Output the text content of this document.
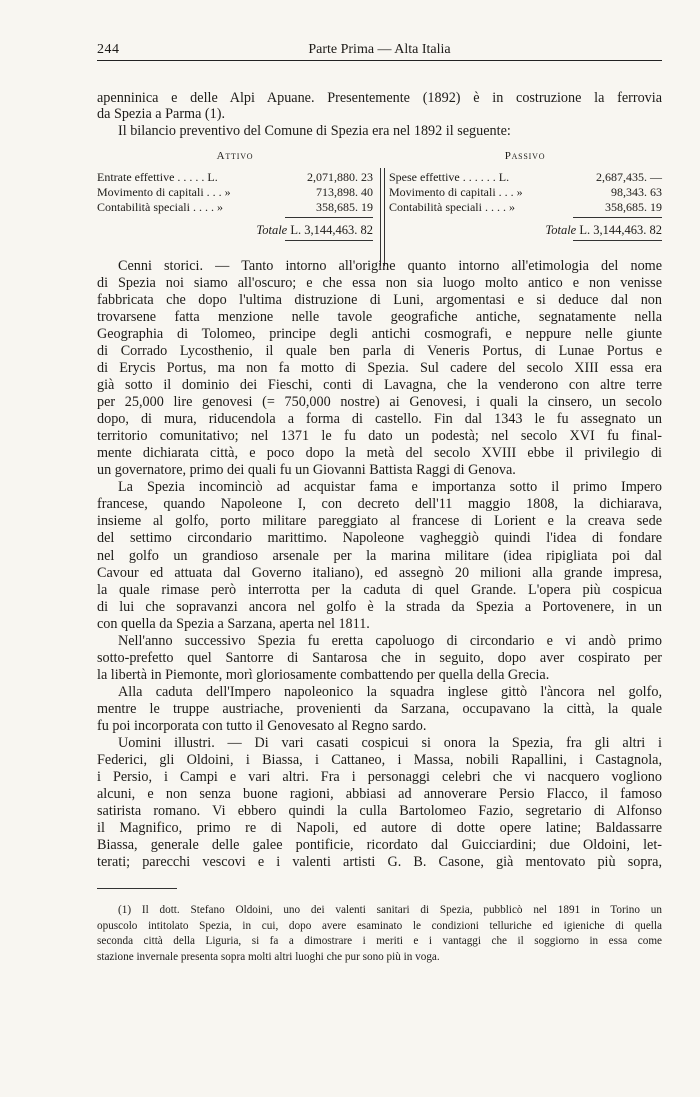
244	Parte Prima — Alta Italia
apenninica e delle Alpi Apuane. Presentemente (1892) è in costruzione la ferrovia
da Spezia a Parma (1).
Il bilancio preventivo del Comune di Spezia era nel 1892 il seguente:
Attivo	Passivo
Entrate effettive . . . . . L.	2,071,880. 23
Movimento di capitali . . . »	713,898. 40
Contabilità speciali . . . . »	358,685. 19
Spese effettive . . . . . . L.	2,687,435. —
Movimento di capitali . . . »	98,343. 63
Contabilità speciali . . . . »	358,685. 19
Totale L. 3,144,463. 82	Totale L. 3,144,463. 82
Cenni storici. — Tanto intorno all'origine quanto intorno all'etimologia del nome
di Spezia noi siamo all'oscuro; e che essa non sia luogo molto antico e non venisse
fabbricata che dopo l'ultima distruzione di Luni, argomentasi e si deduce dal non
trovarsene fatta menzione nelle tavole geografiche antiche, segnatamente nella
Geographia di Tolomeo, principe degli antichi cosmografi, e neppure nelle giunte
di Corrado Lycosthenio, il quale ben parla di Veneris Portus, di Lunae Portus e
di Erycis Portus, ma non fa motto di Spezia. Sul cadere del secolo XIII essa era
già sotto il dominio dei Fieschi, conti di Lavagna, che la venderono con altre terre
per 25,000 lire genovesi (= 750,000 nostre) ai Genovesi, i quali la cinsero, un secolo
dopo, di mura, riducendola a forma di castello. Fin dal 1343 le fu assegnato un
territorio comunitativo; nel 1371 le fu dato un podestà; nel secolo XVI fu final-
mente dichiarata città, e poco dopo la metà del secolo XVIII ebbe il privilegio di
un governatore, primo dei quali fu un Giovanni Battista Raggi di Genova.
La Spezia incominciò ad acquistar fama e importanza sotto il primo Impero
francese, quando Napoleone I, con decreto dell'11 maggio 1808, la dichiarava,
insieme al golfo, porto militare pareggiato al francese di Lorient e la creava sede
del settimo circondario marittimo. Napoleone vagheggiò quindi l'idea di fondare
nel golfo un grandioso arsenale per la marina militare (idea ripigliata poi dal
Cavour ed attuata dal Governo italiano), ed assegnò 20 milioni alla grande impresa,
la quale rimase però interrotta per la caduta di quel Grande. L'opera più cospicua
di lui che sopravanzi ancora nel golfo è la strada da Spezia a Portovenere, in un
con quella da Spezia a Sarzana, aperta nel 1811.
Nell'anno successivo Spezia fu eretta capoluogo di circondario e vi andò primo
sotto-prefetto quel Santorre di Santarosa che in seguito, dopo aver cospirato per
la libertà in Piemonte, morì gloriosamente combattendo per quella della Grecia.
Alla caduta dell'Impero napoleonico la squadra inglese gittò l'àncora nel golfo,
mentre le truppe austriache, provenienti da Sarzana, occupavano la città, la quale
fu poi incorporata con tutto il Genovesato al Regno sardo.
Uomini illustri. — Di vari casati cospicui si onora la Spezia, fra gli altri i
Federici, gli Oldoini, i Biassa, i Cattaneo, i Massa, nobili Rapallini, i Castagnola,
i Persio, i Campi e vari altri. Fra i personaggi celebri che vi nacquero vogliono
alcuni, e non senza buone ragioni, abbiasi ad annoverare Persio Flacco, il famoso
satirista romano. Vi ebbero quindi la culla Bartolomeo Fazio, segretario di Alfonso
il Magnifico, primo re di Napoli, ed autore di dotte opere latine; Baldassarre
Biassa, generale delle galee pontificie, ricordato dal Guicciardini; due Oldoini, let-
terati; parecchi vescovi e i valenti artisti G. B. Casone, già mentovato più sopra,
(1) Il dott. Stefano Oldoini, uno dei valenti sanitari di Spezia, pubblicò nel 1891 in Torino un
opuscolo intitolato Spezia, in cui, dopo avere esaminato le condizioni telluriche ed igieniche di quella
seconda città della Liguria, si fa a dimostrare i meriti e i vantaggi che il soggiorno in essa come
stazione invernale presenta sopra molti altri luoghi che pur sono più in voga.
